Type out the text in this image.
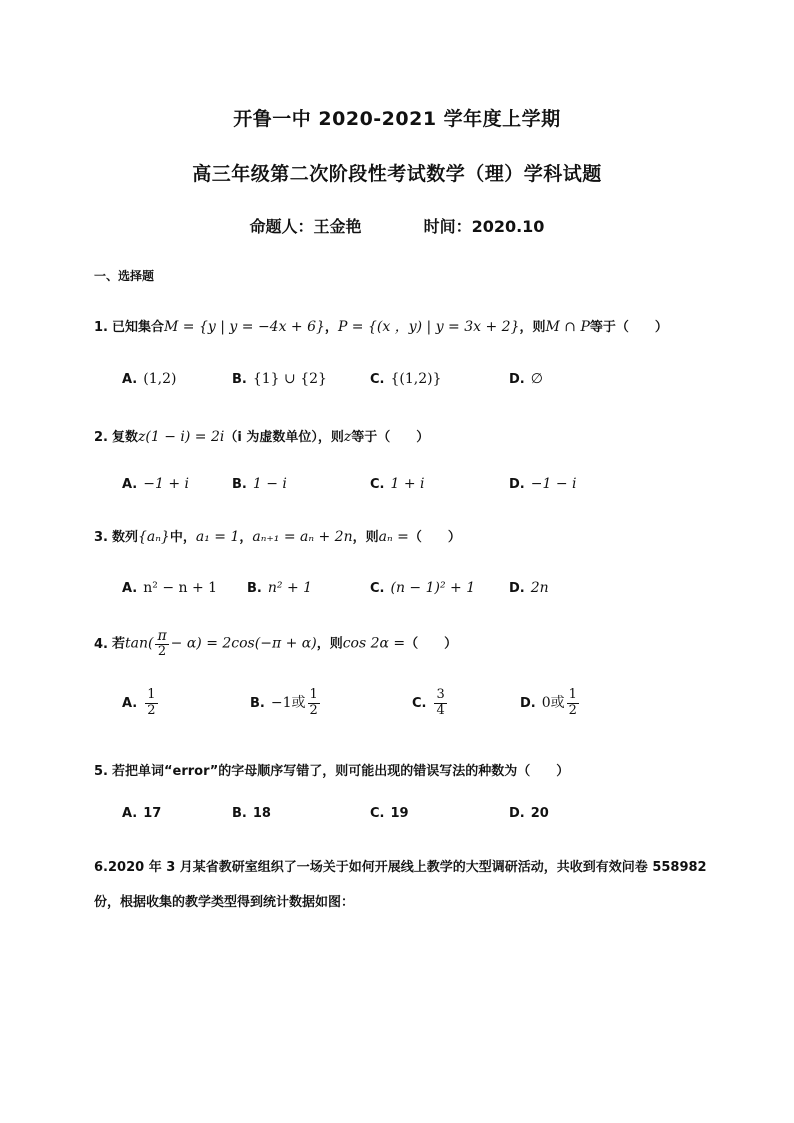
开鲁一中 2020-2021 学年度上学期
高三年级第二次阶段性考试数学（理）学科试题
命题人：王金艳	时间：2020.10
一、选择题
1. 已知集合M = {y | y = −4x + 6}，P = {(x ，y) | y = 3x + 2}，则M ∩ P等于（　　）
A. (1,2)	B. {1} ∪ {2}	C. {(1,2)}	D. ∅
2. 复数z(1 − i) = 2i（i 为虚数单位），则z等于（　　）
A. −1 + i	B. 1 − i	C. 1 + i	D. −1 − i
3. 数列{aₙ}中，a₁ = 1，aₙ₊₁ = aₙ + 2n，则aₙ =（　　）
A. n² − n + 1 B. n² + 1	C. (n − 1)² + 1	D. 2n
4. 若$\tan( \frac{\pi}{2} - \alpha) = 2\cos(-\pi + \alpha)$，则cos 2α =（　　）
A. $\frac{1}{2}$	B. −1或 $\frac{1}{2}$	C. $\frac{3}{4}$	D. 0或 $\frac{1}{2}$
5. 若把单词“error”的字母顺序写错了，则可能出现的错误写法的种数为（　　）
A. 17	B. 18	C. 19	D. 20
6.2020 年 3 月某省教研室组织了一场关于如何开展线上教学的大型调研活动，共收到有效问卷 558982 份，根据收集的教学类型得到统计数据如图：
